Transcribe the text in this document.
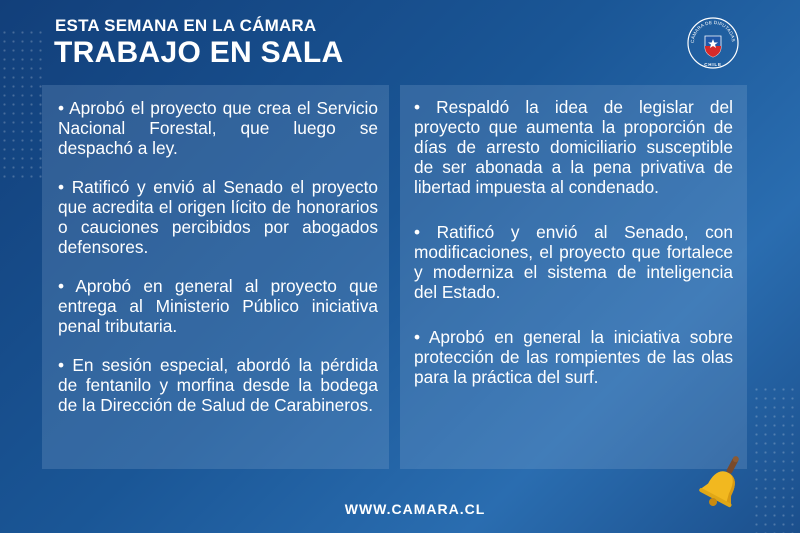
ESTA SEMANA EN LA CÁMARA
TRABAJO EN SALA	CÁMARA DE DIPUTADAS
CHILE

• Aprobó el proyecto que crea el Servicio Nacional Forestal, que luego se despachó a ley.

• Ratificó y envió al Senado el proyecto que acredita el origen lícito de honorarios o cauciones percibidos por abogados defensores.

• Aprobó en general al proyecto que entrega al Ministerio Público iniciativa penal tributaria.

• En sesión especial, abordó la pérdida de fentanilo y morfina desde la bodega de la Dirección de Salud de Carabineros.

• Respaldó la idea de legislar del proyecto que aumenta la proporción de días de arresto domiciliario susceptible de ser abonada a la pena privativa de libertad impuesta al condenado.

• Ratificó y envió al Senado, con modificaciones, el proyecto que fortalece y moderniza el sistema de inteligencia del Estado.

• Aprobó en general la iniciativa sobre protección de las rompientes de las olas para la práctica del surf.

WWW.CAMARA.CL
